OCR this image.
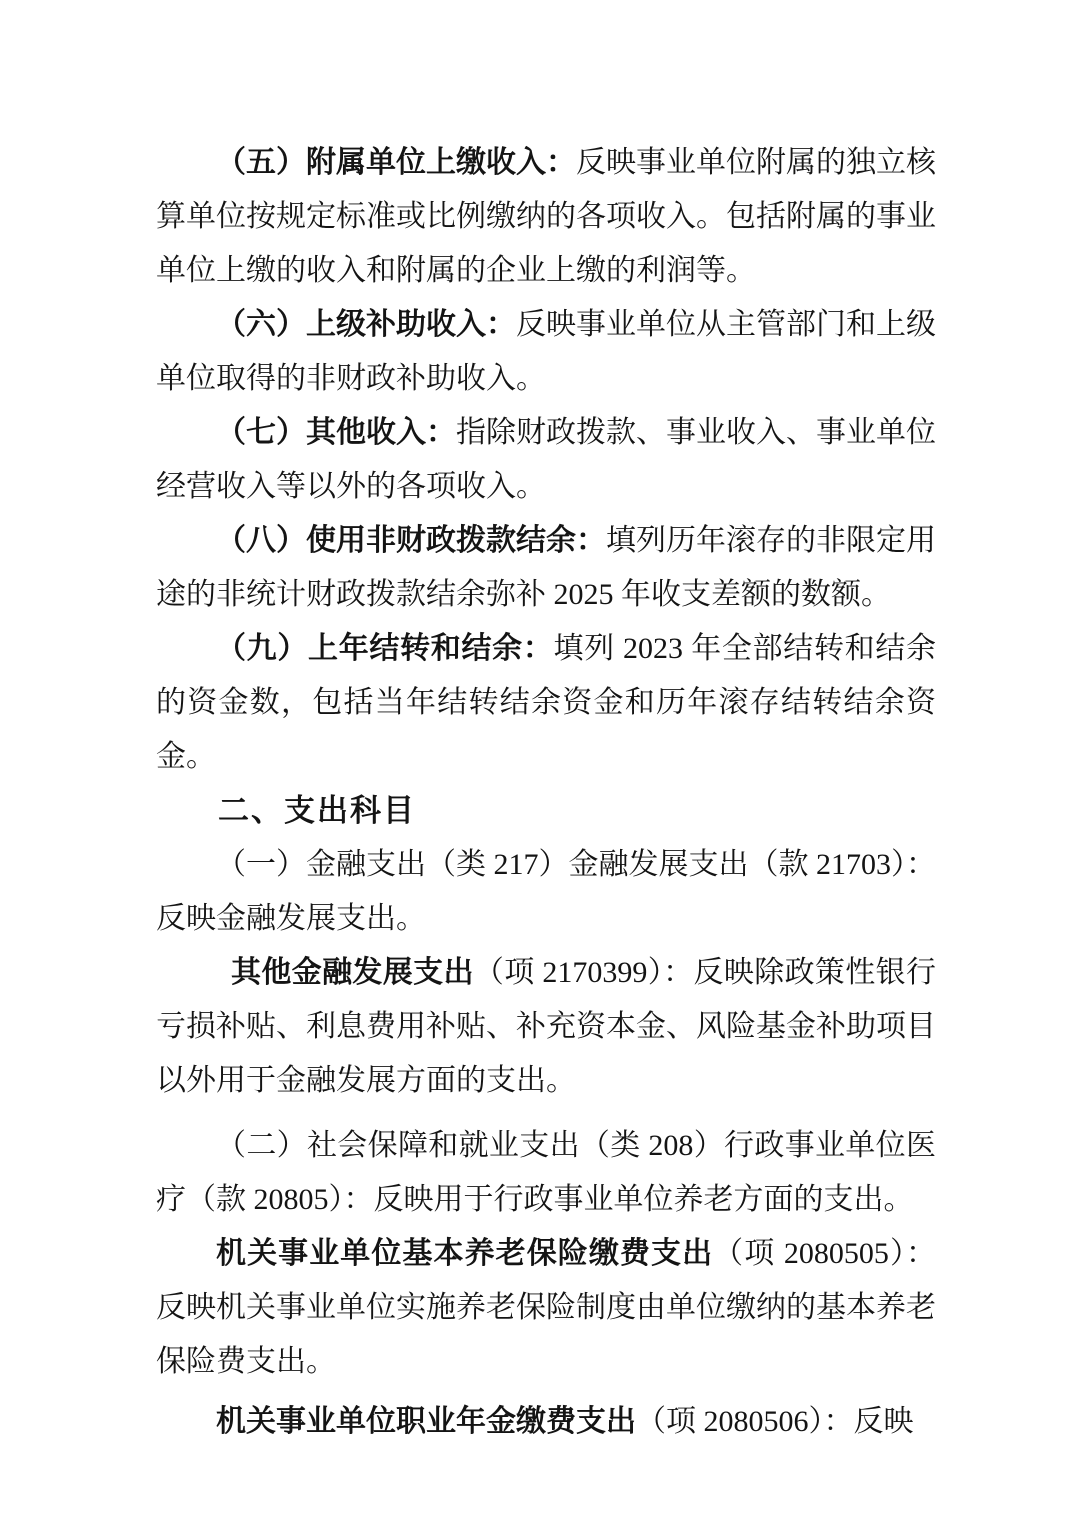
（五）附属单位上缴收入：反映事业单位附属的独立核算单位按规定标准或比例缴纳的各项收入。包括附属的事业单位上缴的收入和附属的企业上缴的利润等。

（六）上级补助收入：反映事业单位从主管部门和上级单位取得的非财政补助收入。

（七）其他收入：指除财政拨款、事业收入、事业单位经营收入等以外的各项收入。

（八）使用非财政拨款结余：填列历年滚存的非限定用途的非统计财政拨款结余弥补 2025 年收支差额的数额。

（九）上年结转和结余：填列 2023 年全部结转和结余的资金数，包括当年结转结余资金和历年滚存结转结余资金。

二、支出科目

（一）金融支出（类 217）金融发展支出（款 21703）：反映金融发展支出。

其他金融发展支出（项 2170399）：反映除政策性银行亏损补贴、利息费用补贴、补充资本金、风险基金补助项目以外用于金融发展方面的支出。

（二）社会保障和就业支出（类 208）行政事业单位医疗（款 20805）：反映用于行政事业单位养老方面的支出。

机关事业单位基本养老保险缴费支出（项 2080505）：反映机关事业单位实施养老保险制度由单位缴纳的基本养老保险费支出。

机关事业单位职业年金缴费支出（项 2080506）：反映
